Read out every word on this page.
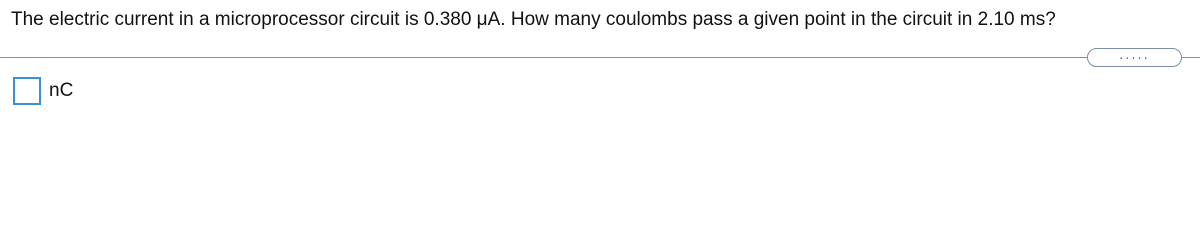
The electric current in a microprocessor circuit is 0.380 μA. How many coulombs pass a given point in the circuit in 2.10 ms?
.....
nC
